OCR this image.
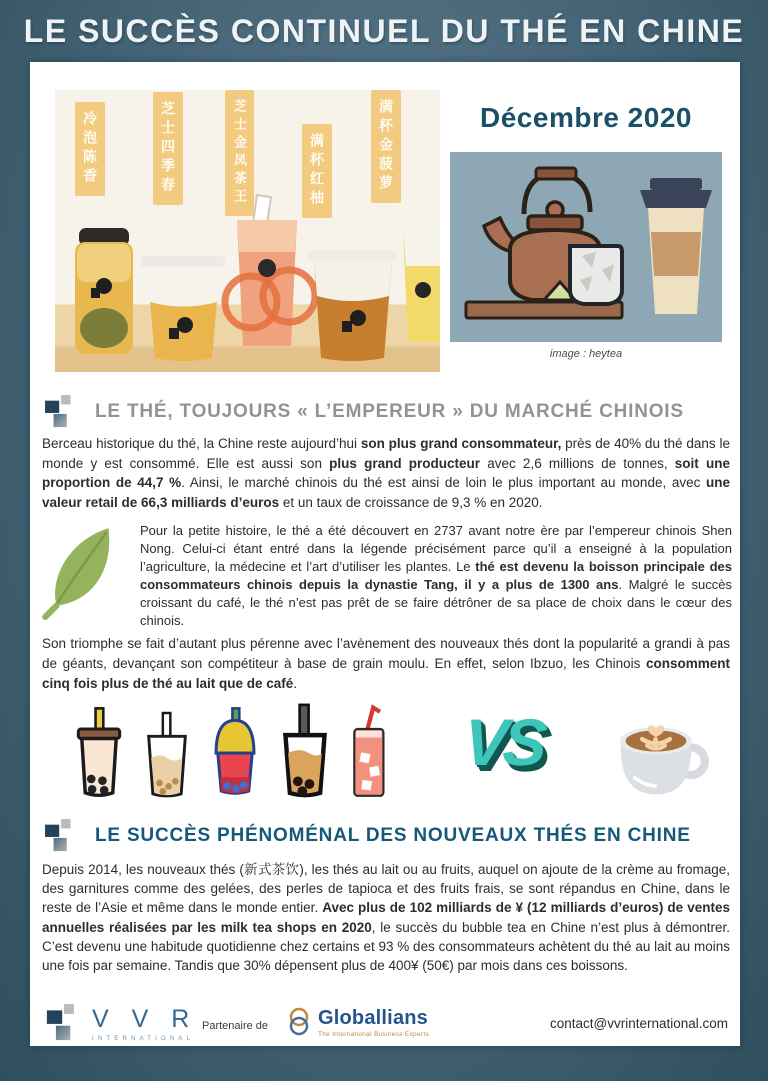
LE SUCCÈS CONTINUEL DU THÉ EN CHINE
冷泡陈香	芝士四季春	芝士金凤茶王	满杯红柚	满杯金菠萝	Décembre 2020
image : heytea
LE THÉ, TOUJOURS « L’EMPEREUR » DU MARCHÉ CHINOIS

Berceau historique du thé, la Chine reste aujourd’hui son plus grand consommateur, près de 40% du thé dans le monde y est consommé. Elle est aussi son plus grand producteur avec 2,6 millions de tonnes, soit une proportion de 44,7 %. Ainsi, le marché chinois du thé est ainsi de loin le plus important au monde, avec une valeur retail de 66,3 milliards d’euros et un taux de croissance de 9,3 % en 2020.

Pour la petite histoire, le thé a été découvert en 2737 avant notre ère par l’empereur chinois Shen Nong. Celui-ci étant entré dans la légende précisément parce qu’il a enseigné à la population l’agriculture, la médecine et l’art d’utiliser les plantes. Le thé est devenu la boisson principale des consommateurs chinois depuis la dynastie Tang, il y a plus de 1300 ans. Malgré le succès croissant du café, le thé n’est pas prêt de se faire détrôner de sa place de choix dans le cœur des chinois.

Son triomphe se fait d’autant plus pérenne avec l’avènement des nouveaux thés dont la popularité a grandi à pas de géants, devançant son compétiteur à base de grain moulu. En effet, selon Ibzuo, les Chinois consomment cinq fois plus de thé au lait que de café.

VS
LE SUCCÈS PHÉNOMÉNAL DES NOUVEAUX THÉS EN CHINE

Depuis 2014, les nouveaux thés (新式茶饮), les thés au lait ou au fruits, auquel on ajoute de la crème au fromage, des garnitures comme des gelées, des perles de tapioca et des fruits frais, se sont répandus en Chine, dans le reste de l’Asie et même dans le monde entier. Avec plus de 102 milliards de ¥ (12 milliards d’euros) de ventes annuelles réalisées par les milk tea shops en 2020, le succès du bubble tea en Chine n’est plus à démontrer. C’est devenu une habitude quotidienne chez certains et 93 % des consommateurs achètent du thé au lait au moins une fois par semaine. Tandis que 30% dépensent plus de 400¥ (50€) par mois dans ces boissons.

V V R
INTERNATIONAL
Partenaire de Globallians
The International Business Experts
contact@vvrinternational.com
